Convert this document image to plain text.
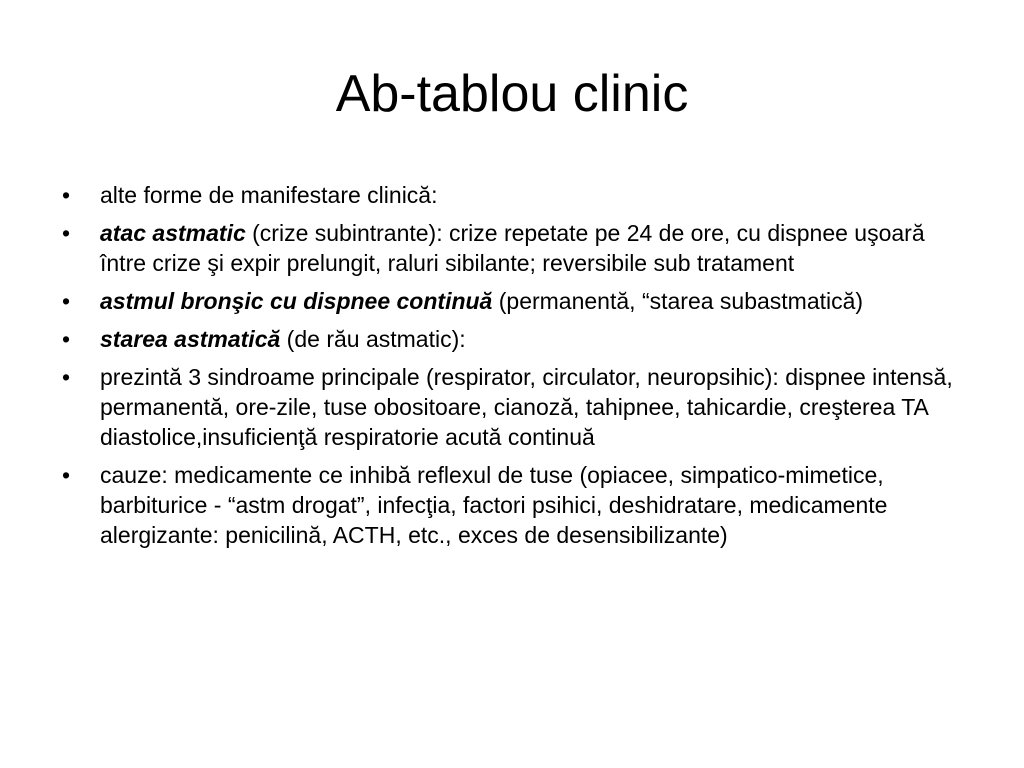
Ab-tablou clinic
•	alte forme de manifestare clinică:
•	atac astmatic (crize subintrante): crize repetate pe 24 de ore, cu dispnee uşoară între crize şi expir prelungit, raluri sibilante; reversibile sub tratament
•	astmul bronşic cu dispnee continuă (permanentă, “starea subastmatică)
•	starea astmatică (de rău astmatic):
•	prezintă 3 sindroame principale (respirator, circulator, neuropsihic): dispnee intensă, permanentă, ore-zile, tuse obositoare, cianoză, tahipnee, tahicardie, creşterea TA diastolice,insuficienţă respiratorie acută continuă
•	cauze: medicamente ce inhibă reflexul de tuse (opiacee, simpatico-mimetice, barbiturice - “astm drogat”, infecţia, factori psihici, deshidratare, medicamente alergizante: penicilină, ACTH, etc., exces de desensibilizante)
